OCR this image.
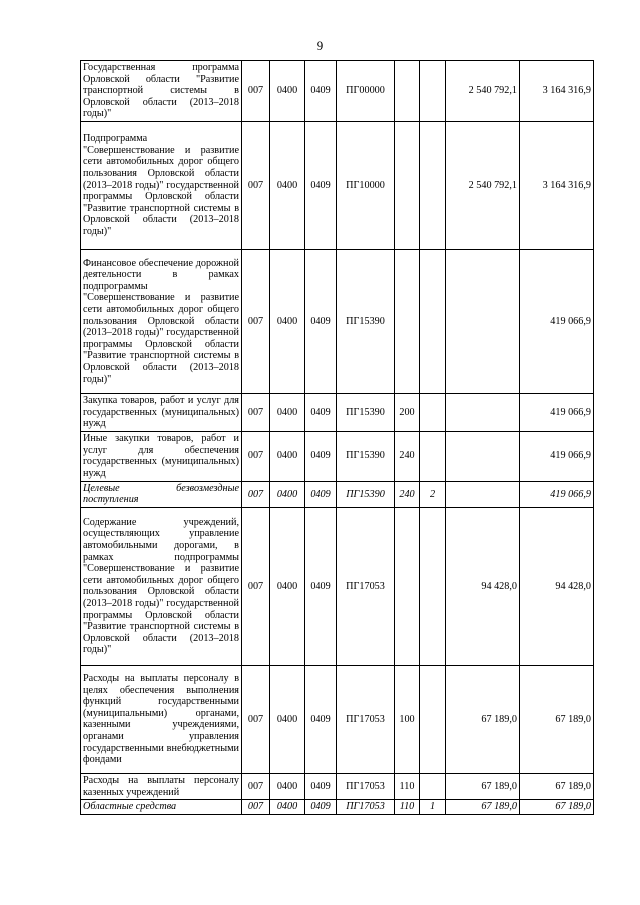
9
Государственная программа Орловской области "Развитие транспортной системы в Орловской области (2013–2018 годы)"	007	0400	0409	ПГ00000			2 540 792,1	3 164 316,9
Подпрограмма "Совершенствование и развитие сети автомобильных дорог общего пользования Орловской области (2013–2018 годы)" государственной программы Орловской области "Развитие транспортной системы в Орловской области (2013–2018 годы)"	007	0400	0409	ПГ10000			2 540 792,1	3 164 316,9
Финансовое обеспечение дорожной деятельности в рамках подпрограммы "Совершенствование и развитие сети автомобильных дорог общего пользования Орловской области (2013–2018 годы)" государственной программы Орловской области "Развитие транспортной системы в Орловской области (2013–2018 годы)"	007	0400	0409	ПГ15390				419 066,9
Закупка товаров, работ и услуг для государственных (муниципальных) нужд	007	0400	0409	ПГ15390	200			419 066,9
Иные закупки товаров, работ и услуг для обеспечения государственных (муниципальных) нужд	007	0400	0409	ПГ15390	240			419 066,9
Целевые безвозмездные поступления	007	0400	0409	ПГ15390	240	2		419 066,9
Содержание учреждений, осуществляющих управление автомобильными дорогами, в рамках подпрограммы "Совершенствование и развитие сети автомобильных дорог общего пользования Орловской области (2013–2018 годы)" государственной программы Орловской области "Развитие транспортной системы в Орловской области (2013–2018 годы)"	007	0400	0409	ПГ17053			94 428,0	94 428,0
Расходы на выплаты персоналу в целях обеспечения выполнения функций государственными (муниципальными) органами, казенными учреждениями, органами управления государственными внебюджетными фондами	007	0400	0409	ПГ17053	100		67 189,0	67 189,0
Расходы на выплаты персоналу казенных учреждений	007	0400	0409	ПГ17053	110		67 189,0	67 189,0
Областные средства	007	0400	0409	ПГ17053	110	1	67 189,0	67 189,0
